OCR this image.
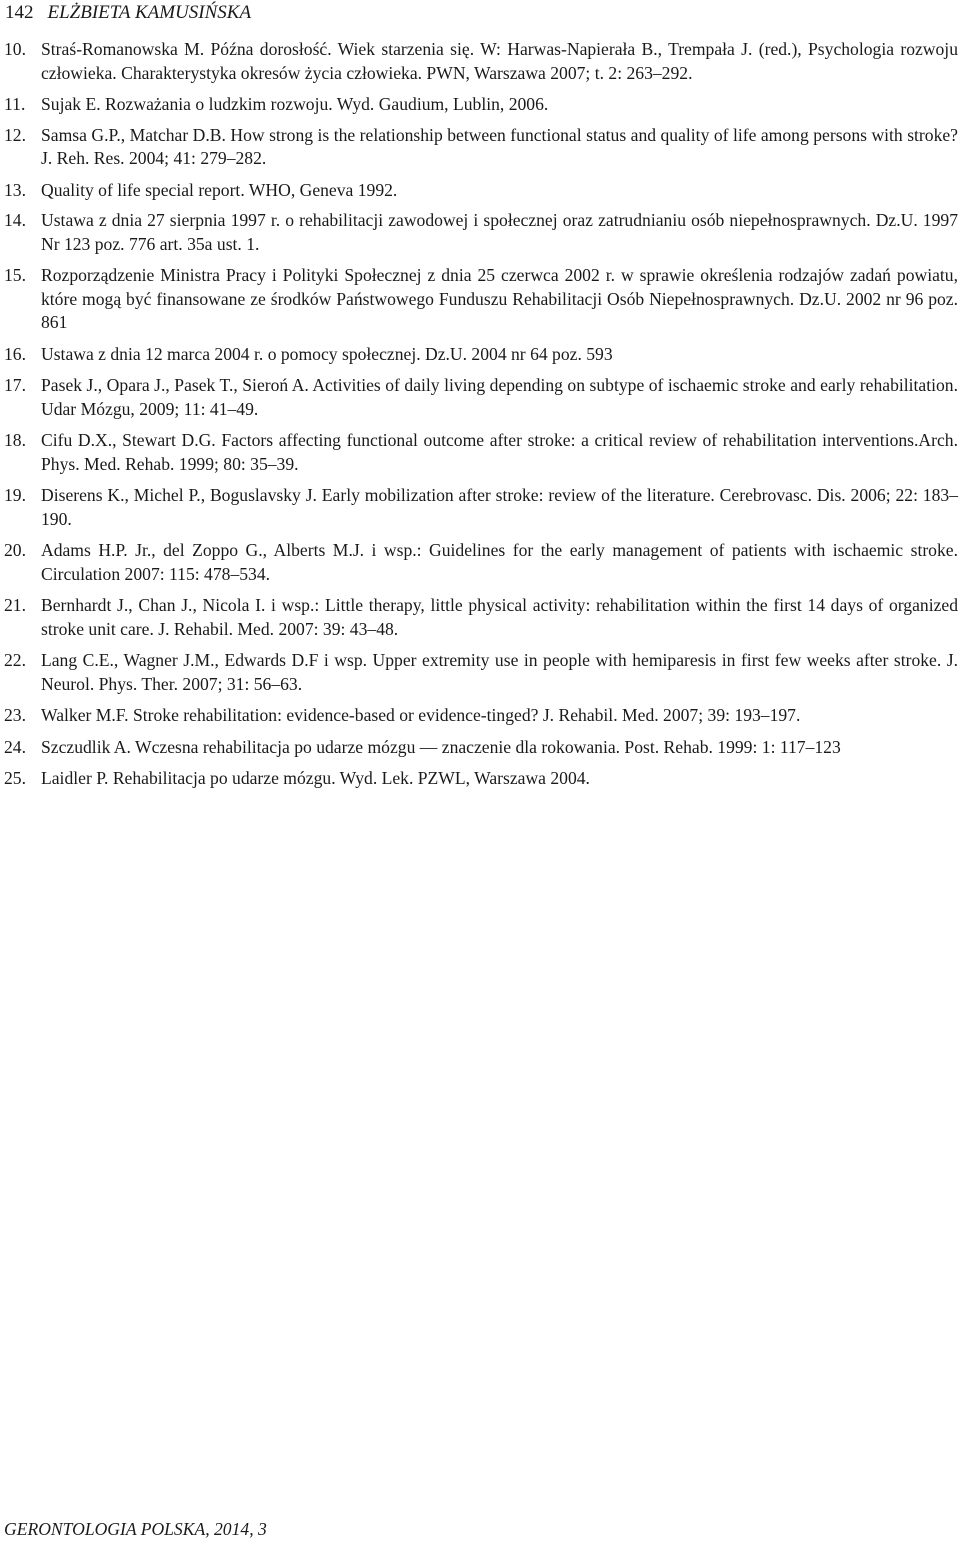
142 ELŻBIETA KAMUSIŃSKA
10. Straś-Romanowska M. Późna dorosłość. Wiek starzenia się. W: Harwas-Napierała B., Trempała J. (red.), Psychologia rozwoju człowieka. Charakterystyka okresów życia człowieka. PWN, Warszawa 2007; t. 2: 263–292.
11. Sujak E. Rozważania o ludzkim rozwoju. Wyd. Gaudium, Lublin, 2006.
12. Samsa G.P., Matchar D.B. How strong is the relationship between functional status and quality of life among persons with stroke? J. Reh. Res. 2004; 41: 279–282.
13. Quality of life special report. WHO, Geneva 1992.
14. Ustawa z dnia 27 sierpnia 1997 r. o rehabilitacji zawodowej i społecznej oraz zatrudnianiu osób niepełnosprawnych. Dz.U. 1997 Nr 123 poz. 776 art. 35a ust. 1.
15. Rozporządzenie Ministra Pracy i Polityki Społecznej z dnia 25 czerwca 2002 r. w sprawie określenia rodzajów zadań powiatu, które mogą być finansowane ze środków Państwowego Funduszu Rehabilitacji Osób Niepełnosprawnych. Dz.U. 2002 nr 96 poz. 861
16. Ustawa z dnia 12 marca 2004 r. o pomocy społecznej. Dz.U. 2004 nr 64 poz. 593
17. Pasek J., Opara J., Pasek T., Sieroń A. Activities of daily living depending on subtype of ischaemic stroke and early rehabilitation. Udar Mózgu, 2009; 11: 41–49.
18. Cifu D.X., Stewart D.G. Factors affecting functional outcome after stroke: a critical review of rehabilitation interventions.Arch. Phys. Med. Rehab. 1999; 80: 35–39.
19. Diserens K., Michel P., Boguslavsky J. Early mobilization after stroke: review of the literature. Cerebrovasc. Dis. 2006; 22: 183–190.
20. Adams H.P. Jr., del Zoppo G., Alberts M.J. i wsp.: Guidelines for the early management of patients with ischaemic stroke. Circulation 2007: 115: 478–534.
21. Bernhardt J., Chan J., Nicola I. i wsp.: Little therapy, little physical activity: rehabilitation within the first 14 days of organized stroke unit care. J. Rehabil. Med. 2007: 39: 43–48.
22. Lang C.E., Wagner J.M., Edwards D.F i wsp. Upper extremity use in people with hemiparesis in first few weeks after stroke. J. Neurol. Phys. Ther. 2007; 31: 56–63.
23. Walker M.F. Stroke rehabilitation: evidence-based or evidence-tinged? J. Rehabil. Med. 2007; 39: 193–197.
24. Szczudlik A. Wczesna rehabilitacja po udarze mózgu — znaczenie dla rokowania. Post. Rehab. 1999: 1: 117–123
25. Laidler P. Rehabilitacja po udarze mózgu. Wyd. Lek. PZWL, Warszawa 2004.
GERONTOLOGIA POLSKA, 2014, 3
